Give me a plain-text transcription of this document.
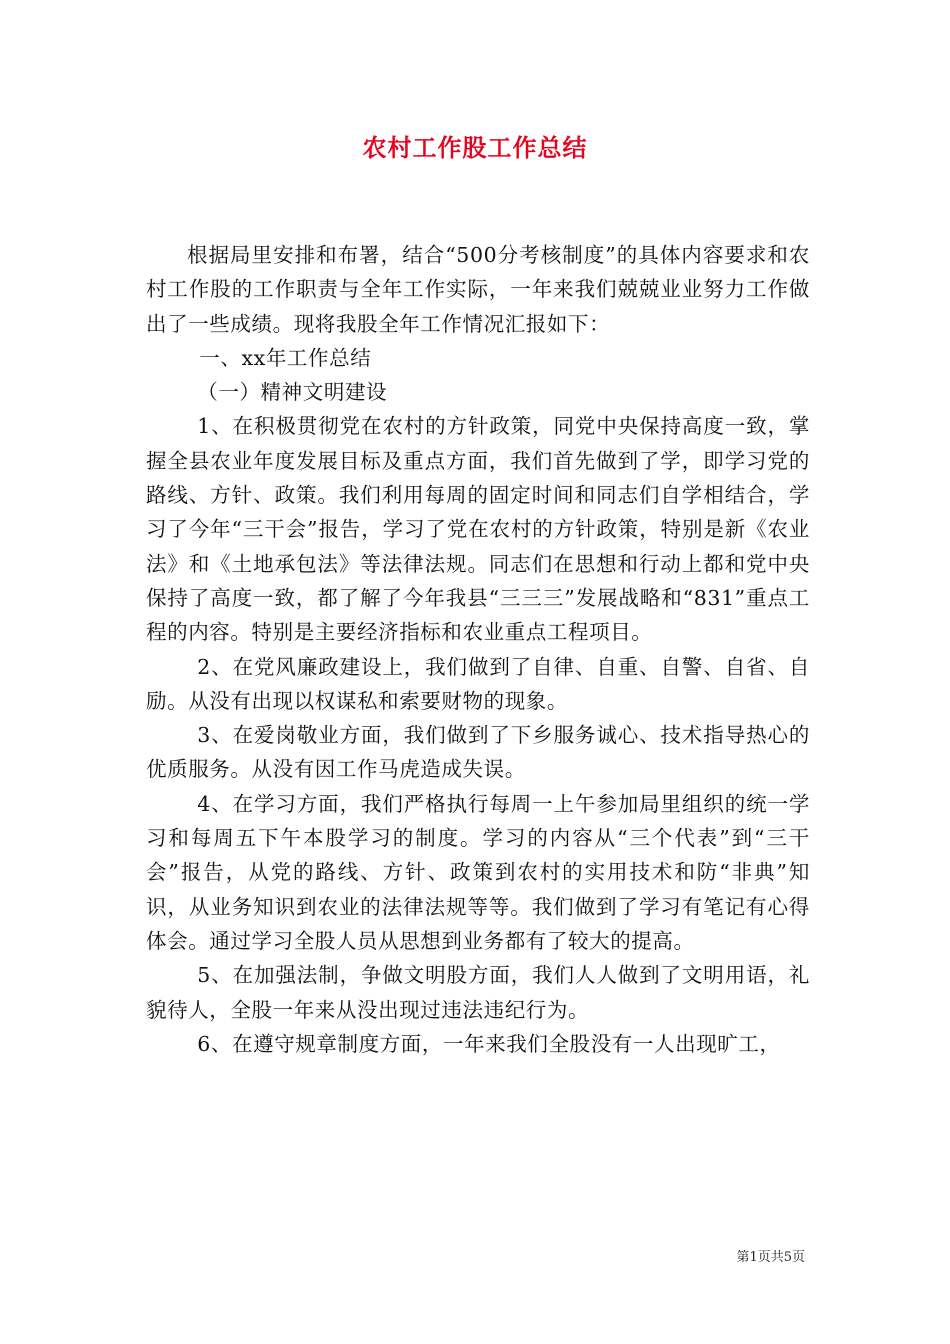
农村工作股工作总结

根据局里安排和布署，结合“500分考核制度”的具体内容要求和农村工作股的工作职责与全年工作实际，一年来我们兢兢业业努力工作做出了一些成绩。现将我股全年工作情况汇报如下：

一、xx年工作总结

（一）精神文明建设

1、在积极贯彻党在农村的方针政策，同党中央保持高度一致，掌握全县农业年度发展目标及重点方面，我们首先做到了学，即学习党的路线、方针、政策。我们利用每周的固定时间和同志们自学相结合，学习了今年“三干会”报告，学习了党在农村的方针政策，特别是新《农业法》和《土地承包法》等法律法规。同志们在思想和行动上都和党中央保持了高度一致，都了解了今年我县“三三三”发展战略和“831”重点工程的内容。特别是主要经济指标和农业重点工程项目。

2、在党风廉政建设上，我们做到了自律、自重、自警、自省、自励。从没有出现以权谋私和索要财物的现象。

3、在爱岗敬业方面，我们做到了下乡服务诚心、技术指导热心的优质服务。从没有因工作马虎造成失误。

4、在学习方面，我们严格执行每周一上午参加局里组织的统一学习和每周五下午本股学习的制度。学习的内容从“三个代表”到“三干会”报告，从党的路线、方针、政策到农村的实用技术和防“非典”知识，从业务知识到农业的法律法规等等。我们做到了学习有笔记有心得体会。通过学习全股人员从思想到业务都有了较大的提高。

5、在加强法制，争做文明股方面，我们人人做到了文明用语，礼貌待人，全股一年来从没出现过违法违纪行为。

6、在遵守规章制度方面，一年来我们全股没有一人出现旷工，

第1页共5页
